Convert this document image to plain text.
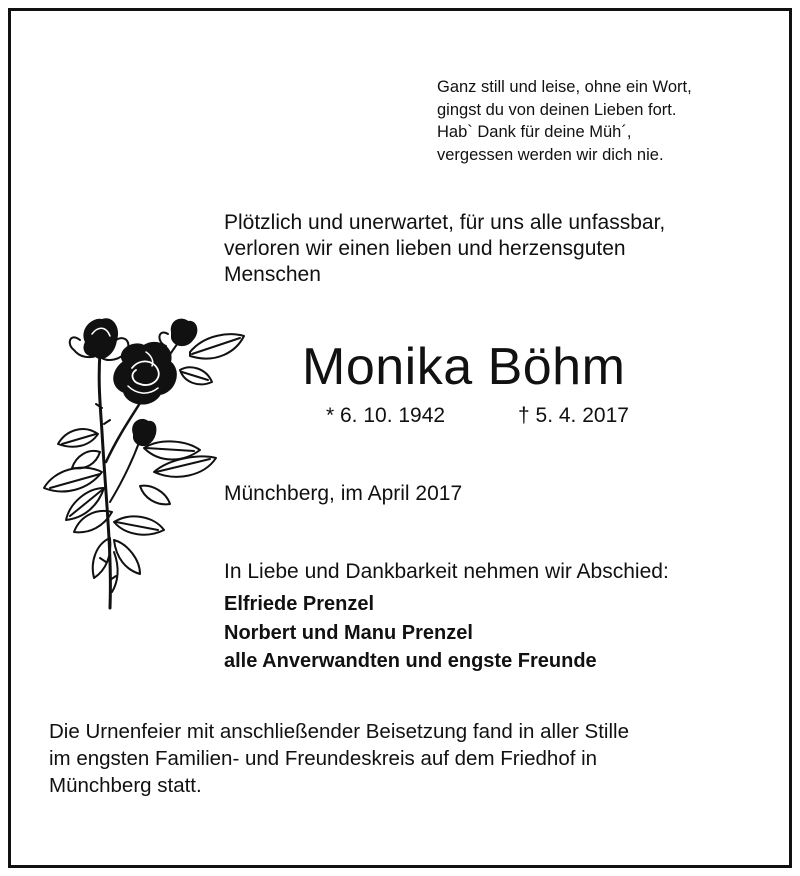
Ganz still und leise, ohne ein Wort,
gingst du von deinen Lieben fort.
Hab` Dank für deine Müh´,
vergessen werden wir dich nie.
Plötzlich und unerwartet, für uns alle unfassbar,
verloren wir einen lieben und herzensguten
Menschen
Monika Böhm
* 6. 10. 1942	† 5. 4. 2017
Münchberg, im April 2017
In Liebe und Dankbarkeit nehmen wir Abschied:
Elfriede Prenzel
Norbert und Manu Prenzel
alle Anverwandten und engste Freunde
Die Urnenfeier mit anschließender Beisetzung fand in aller Stille
im engsten Familien- und Freundeskreis auf dem Friedhof in
Münchberg statt.
